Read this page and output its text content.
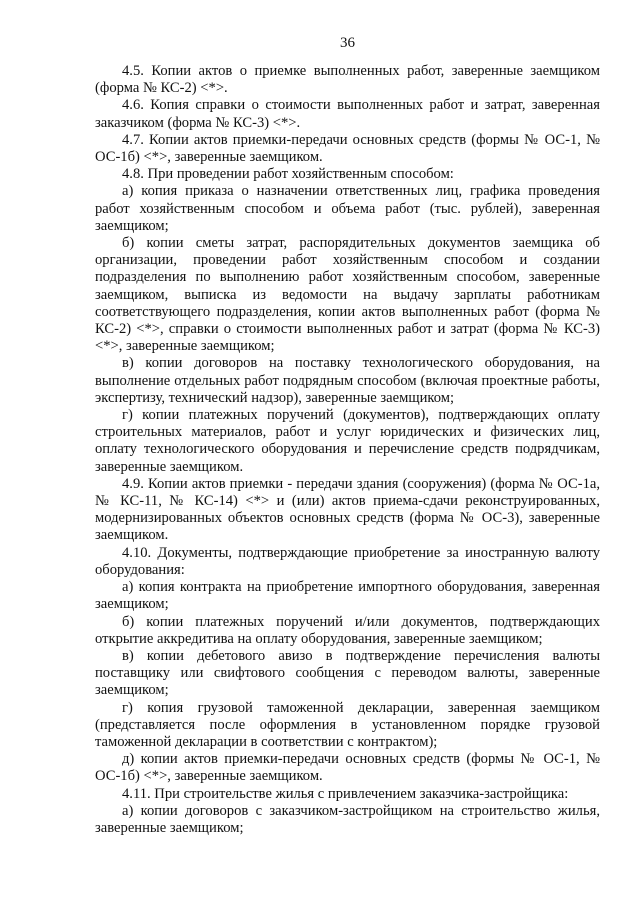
36

4.5. Копии актов о приемке выполненных работ, заверенные заемщиком (форма № КС-2) <*>.

4.6. Копия справки о стоимости выполненных работ и затрат, заверенная заказчиком (форма № КС-3) <*>.

4.7. Копии актов приемки-передачи основных средств (формы № ОС-1, № ОС-1б) <*>, заверенные заемщиком.

4.8. При проведении работ хозяйственным способом:

а) копия приказа о назначении ответственных лиц, графика проведения работ хозяйственным способом и объема работ (тыс. рублей), заверенная заемщиком;

б) копии сметы затрат, распорядительных документов заемщика об организации, проведении работ хозяйственным способом и создании подразделения по выполнению работ хозяйственным способом, заверенные заемщиком, выписка из ведомости на выдачу зарплаты работникам соответствующего подразделения, копии актов выполненных работ (форма № КС-2) <*>, справки о стоимости выполненных работ и затрат (форма № КС-3) <*>, заверенные заемщиком;

в) копии договоров на поставку технологического оборудования, на выполнение отдельных работ подрядным способом (включая проектные работы, экспертизу, технический надзор), заверенные заемщиком;

г) копии платежных поручений (документов), подтверждающих оплату строительных материалов, работ и услуг юридических и физических лиц, оплату технологического оборудования и перечисление средств подрядчикам, заверенные заемщиком.

4.9. Копии актов приемки - передачи здания (сооружения) (форма № ОС-1а, № КС-11, № КС-14) <*> и (или) актов приема-сдачи реконструированных, модернизированных объектов основных средств (форма № ОС-3), заверенные заемщиком.

4.10. Документы, подтверждающие приобретение за иностранную валюту оборудования:

а) копия контракта на приобретение импортного оборудования, заверенная заемщиком;

б) копии платежных поручений и/или документов, подтверждающих открытие аккредитива на оплату оборудования, заверенные заемщиком;

в) копии дебетового авизо в подтверждение перечисления валюты поставщику или свифтового сообщения с переводом валюты, заверенные заемщиком;

г) копия грузовой таможенной декларации, заверенная заемщиком (представляется после оформления в установленном порядке грузовой таможенной декларации в соответствии с контрактом);

д) копии актов приемки-передачи основных средств (формы № ОС-1, № ОС-1б) <*>, заверенные заемщиком.

4.11. При строительстве жилья с привлечением заказчика-застройщика:

а) копии договоров с заказчиком-застройщиком на строительство жилья, заверенные заемщиком;
